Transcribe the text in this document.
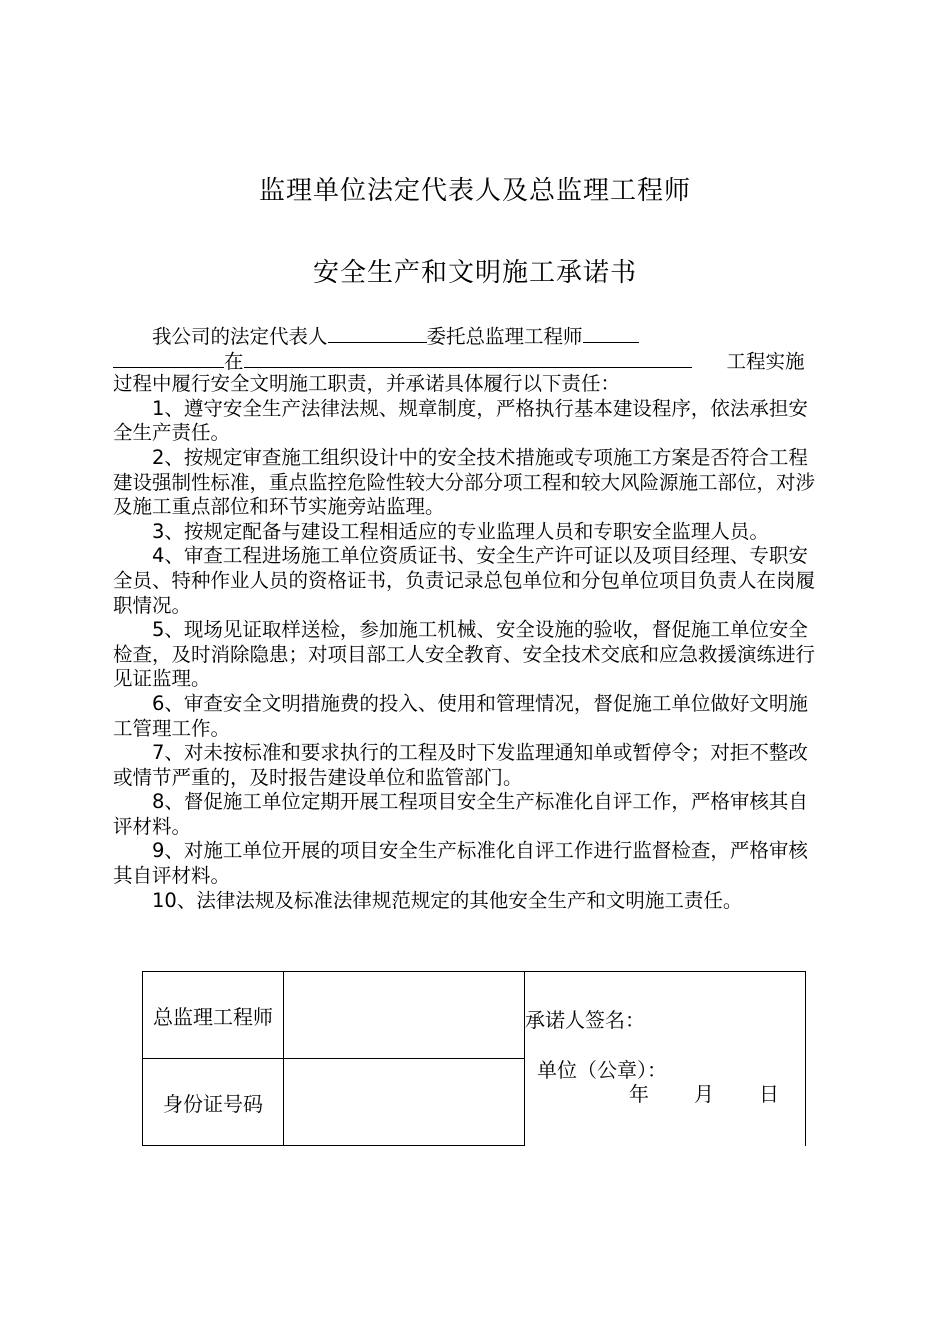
监理单位法定代表人及总监理工程师
安全生产和文明施工承诺书
我公司的法定代表人	委托总监理工程师
在	工程实施
过程中履行安全文明施工职责，并承诺具体履行以下责任：

1、遵守安全生产法律法规、规章制度，严格执行基本建设程序，依法承担安全生产责任。

2、按规定审查施工组织设计中的安全技术措施或专项施工方案是否符合工程建设强制性标准，重点监控危险性较大分部分项工程和较大风险源施工部位，对涉及施工重点部位和环节实施旁站监理。

3、按规定配备与建设工程相适应的专业监理人员和专职安全监理人员。

4、审查工程进场施工单位资质证书、安全生产许可证以及项目经理、专职安全员、特种作业人员的资格证书，负责记录总包单位和分包单位项目负责人在岗履职情况。

5、现场见证取样送检，参加施工机械、安全设施的验收，督促施工单位安全检查，及时消除隐患；对项目部工人安全教育、安全技术交底和应急救援演练进行见证监理。

6、审查安全文明措施费的投入、使用和管理情况，督促施工单位做好文明施工管理工作。

7、对未按标准和要求执行的工程及时下发监理通知单或暂停令；对拒不整改或情节严重的，及时报告建设单位和监管部门。

8、督促施工单位定期开展工程项目安全生产标准化自评工作，严格审核其自评材料。

9、对施工单位开展的项目安全生产标准化自评工作进行监督检查，严格审核其自评材料。

10、法律法规及标准法律规范规定的其他安全生产和文明施工责任。

总监理工程师		承诺人签名：
单位（公章）：
年 月 日

身份证号码		
